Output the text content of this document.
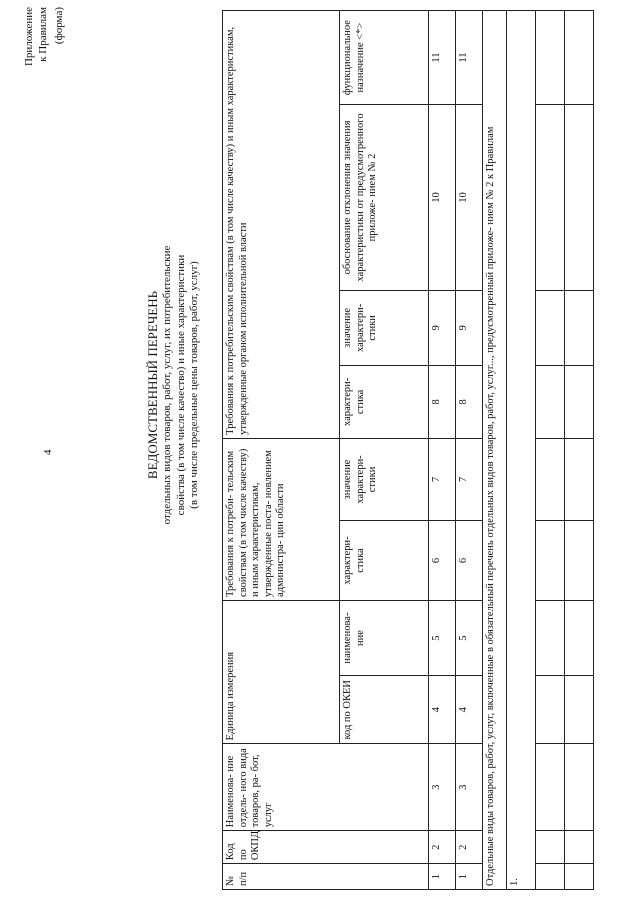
Приложение к Правилам (форма)
4	ВЕДОМСТВЕННЫЙ ПЕРЕЧЕНЬ отдельных видов товаров, работ, услуг, их потребительские свойства (в том числе качество) и иные характеристики (в том числе предельные цены товаров, работ, услуг)
№ п/п	Код по ОКПД	Наименова- ние отдель- ного вида товаров, ра- бот, услуг	Единица измерения		Требования к потреби- тельским свойствам (в том числе качеству) и иным характеристикам, утвержденные поста- новлением администра- ции области		Требования к потребительским свойствам (в том числе качеству) и иным характеристикам, утвержденные органом исполнительной власти			
			код по ОКЕИ	наименова- ние	характери- стика	значение характери- стики	характери- стика	значение характери- стики	обоснование отклонения значения характеристики от предусмотренного приложе- нием № 2	функциональное назначение <*>
1	2	3	4	5	6	7	8	9	10	11
1	2	3	4	5	6	7	8	9	10	11
Отдельные виды товаров, работ, услуг, включенные в обязательный перечень отдельных видов товаров, работ, услуг..., предусмотренный приложе- нием № 2 к Правилам										
1.										
